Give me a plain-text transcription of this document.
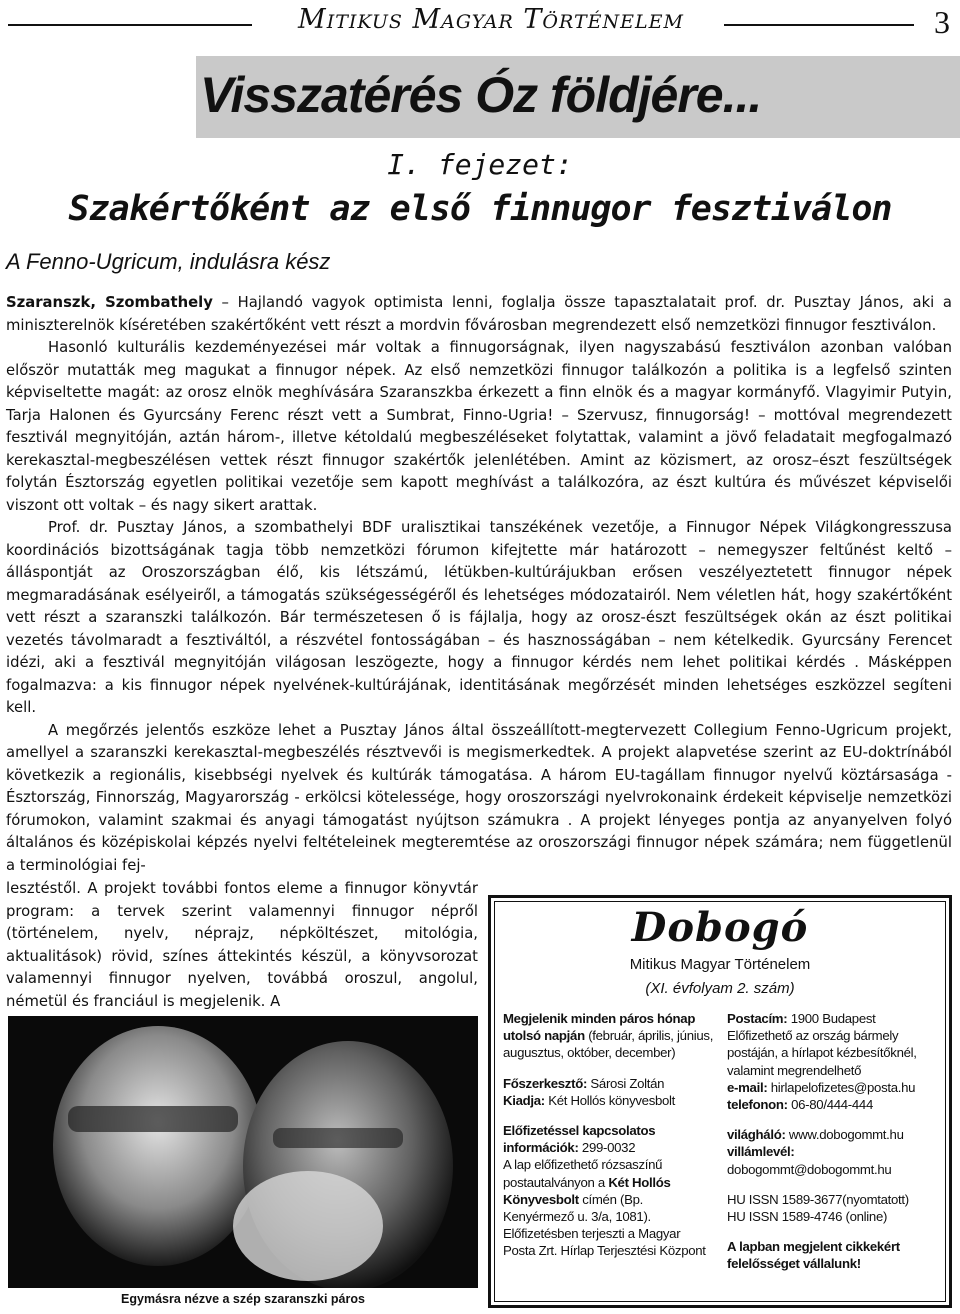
Mitikus Magyar Történelem	3
Visszatérés Óz földjére...
I. fejezet:
Szakértőként az első finnugor fesztiválon
A Fenno-Ugricum, indulásra kész

Szaranszk, Szombathely – Hajlandó vagyok optimista lenni, foglalja össze tapasztalatait prof. dr. Pusztay János, aki a miniszterelnök kíséretében szakértőként vett részt a mordvin fővárosban megrendezett első nemzetközi finnugor fesztiválon.

Hasonló kulturális kezdeményezései már voltak a finnugorságnak, ilyen nagyszabású fesztiválon azonban valóban először mutatták meg magukat a finnugor népek. Az első nemzetközi finnugor találkozón a politika is a legfelső szinten képviseltette magát: az orosz elnök meghívására Szaranszkba érkezett a finn elnök és a magyar kormányfő. Vlagyimir Putyin, Tarja Halonen és Gyurcsány Ferenc részt vett a Sumbrat, Finno-Ugria! – Szervusz, finnugorság! – mottóval megrendezett fesztivál megnyitóján, aztán három-, illetve kétoldalú megbeszéléseket folytattak, valamint a jövő feladatait megfogalmazó kerekasztal-megbeszélésen vettek részt finnugor szakértők jelenlétében. Amint az közismert, az orosz–észt feszültségek folytán Észtország egyetlen politikai vezetője sem kapott meghívást a találkozóra, az észt kultúra és művészet képviselői viszont ott voltak – és nagy sikert arattak.

Prof. dr. Pusztay János, a szombathelyi BDF uralisztikai tanszékének vezetője, a Finnugor Népek Világkongresszusa koordinációs bizottságának tagja több nemzetközi fórumon kifejtette már határozott – nemegyszer feltűnést keltő – álláspontját az Oroszországban élő, kis létszámú, létükben-kultúrájukban erősen veszélyeztetett finnugor népek megmaradásának esélyeiről, a támogatás szükségességéről és lehetséges módozatairól. Nem véletlen hát, hogy szakértőként vett részt a szaranszki találkozón. Bár természetesen ő is fájlalja, hogy az orosz-észt feszültségek okán az észt politikai vezetés távolmaradt a fesztiváltól, a részvétel fontosságában – és hasznosságában – nem kételkedik. Gyurcsány Ferencet idézi, aki a fesztivál megnyitóján világosan leszögezte, hogy a finnugor kérdés nem lehet politikai kérdés . Másképpen fogalmazva: a kis finnugor népek nyelvének-kultúrájának, identitásának megőrzését minden lehetséges eszközzel segíteni kell.

A megőrzés jelentős eszköze lehet a Pusztay János által összeállított-megtervezett Collegium Fenno-Ugricum projekt, amellyel a szaranszki kerekasztal-megbeszélés résztvevői is megismerkedtek. A projekt alapvetése szerint az EU-doktrínából következik a regionális, kisebbségi nyelvek és kultúrák támogatása. A három EU-tagállam finnugor nyelvű köztársasága - Észtország, Finnország, Magyarország - erkölcsi kötelessége, hogy oroszországi nyelvrokonaink érdekeit képviselje nemzetközi fórumokon, valamint szakmai és anyagi támogatást nyújtson számukra . A projekt lényeges pontja az anyanyelven folyó általános és középiskolai képzés nyelvi feltételeinek megteremtése az oroszországi finnugor népek számára; nem függetlenül a terminológiai fej-

lesztéstől. A projekt további fontos eleme a finnugor könyvtár program: a tervek szerint valamennyi finnugor népről (történelem, nyelv, néprajz, népköltészet, mitológia, aktualitások) rövid, színes áttekintés készül, a könyvsorozat valamennyi finnugor nyelven, továbbá oroszul, angolul, németül és franciául is megjelenik. A
Egymásra nézve a szép szaranszki páros
Dobogó
Mitikus Magyar Történelem
(XI. évfolyam 2. szám)
Megjelenik minden páros hónap utolsó napján (február, április, június, augusztus, október, december)
Főszerkesztő: Sárosi Zoltán
Kiadja: Két Hollós könyvesbolt
Előfizetéssel kapcsolatos információk: 299-0032
A lap előfizethető rózsaszínű postautalványon a Két Hollós Könyvesbolt címén (Bp. Kenyérmező u. 3/a, 1081).
Előfizetésben terjeszti a Magyar Posta Zrt. Hírlap Terjesztési Központ
Postacím: 1900 Budapest
Előfizethető az ország bármely postáján, a hírlapot kézbesítőknél, valamint megrendelhető
e-mail: hirlapelofizetes@posta.hu
telefonon: 06-80/444-444
világháló: www.dobogommt.hu
villámlevél:
dobogommt@dobogommt.hu
HU ISSN 1589-3677(nyomtatott)
HU ISSN 1589-4746 (online)
A lapban megjelent cikkekért felelősséget vállalunk!
